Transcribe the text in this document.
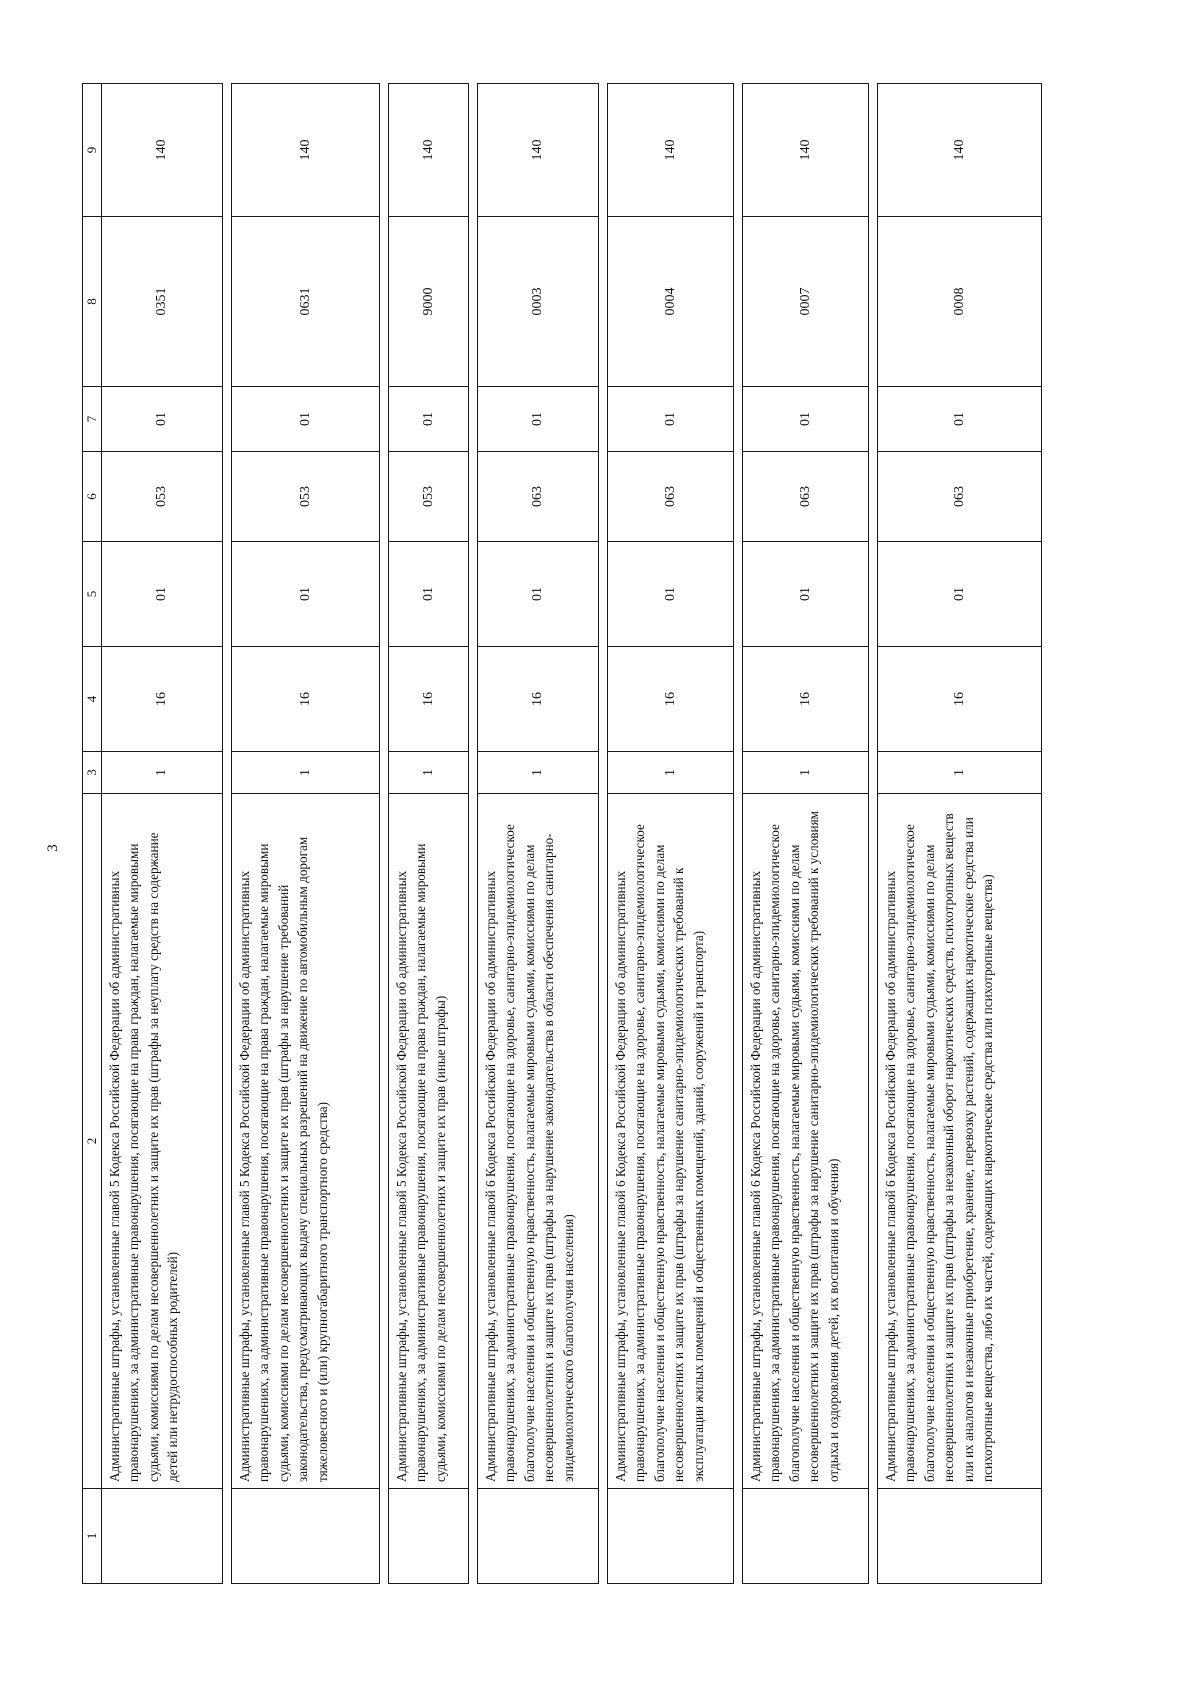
3
1	2	3	4	5	6	7	8	9
	Административные штрафы, установленные главой 5 Кодекса Российской Федерации об административных правонарушениях, за административные правонарушения, посягающие на права граждан, налагаемые мировыми судьями, комиссиями по делам несовершеннолетних и защите их прав (штрафы за неуплату средств на содержание детей или нетрудоспособных родителей)	1	16	01	053	01	0351	140

	Административные штрафы, установленные главой 5 Кодекса Российской Федерации об административных правонарушениях, за административные правонарушения, посягающие на права граждан, налагаемые мировыми судьями, комиссиями по делам несовершеннолетних и защите их прав (штрафы за нарушение требований законодательства, предусматривающих выдачу специальных разрешений на движение по автомобильным дорогам тяжеловесного и (или) крупногабаритного транспортного средства)	1	16	01	053	01	0631	140

	Административные штрафы, установленные главой 5 Кодекса Российской Федерации об административных правонарушениях, за административные правонарушения, посягающие на права граждан, налагаемые мировыми судьями, комиссиями по делам несовершеннолетних и защите их прав (иные штрафы)	1	16	01	053	01	9000	140

	Административные штрафы, установленные главой 6 Кодекса Российской Федерации об административных правонарушениях, за административные правонарушения, посягающие на здоровье, санитарно-эпидемиологическое благополучие населения и общественную нравственность, налагаемые мировыми судьями, комиссиями по делам несовершеннолетних и защите их прав (штрафы за нарушение законодательства в области обеспечения санитарно-эпидемиологического благополучия населения)	1	16	01	063	01	0003	140

	Административные штрафы, установленные главой 6 Кодекса Российской Федерации об административных правонарушениях, за административные правонарушения, посягающие на здоровье, санитарно-эпидемиологическое благополучие населения и общественную нравственность, налагаемые мировыми судьями, комиссиями по делам несовершеннолетних и защите их прав (штрафы за нарушение санитарно-эпидемиологических требований к эксплуатации жилых помещений и общественных помещений, зданий, сооружений и транспорта)	1	16	01	063	01	0004	140

	Административные штрафы, установленные главой 6 Кодекса Российской Федерации об административных правонарушениях, за административные правонарушения, посягающие на здоровье, санитарно-эпидемиологическое благополучие населения и общественную нравственность, налагаемые мировыми судьями, комиссиями по делам несовершеннолетних и защите их прав (штрафы за нарушение санитарно-эпидемиологических требований к условиям отдыха и оздоровления детей, их воспитания и обучения)	1	16	01	063	01	0007	140

	Административные штрафы, установленные главой 6 Кодекса Российской Федерации об административных правонарушениях, за административные правонарушения, посягающие на здоровье, санитарно-эпидемиологическое благополучие населения и общественную нравственность, налагаемые мировыми судьями, комиссиями по делам несовершеннолетних и защите их прав (штрафы за незаконный оборот наркотических средств, психотропных веществ или их аналогов и незаконные приобретение, хранение, перевозку растений, содержащих наркотические средства или психотропные вещества, либо их частей, содержащих наркотические средства или психотропные вещества)	1	16	01	063	01	0008	140
